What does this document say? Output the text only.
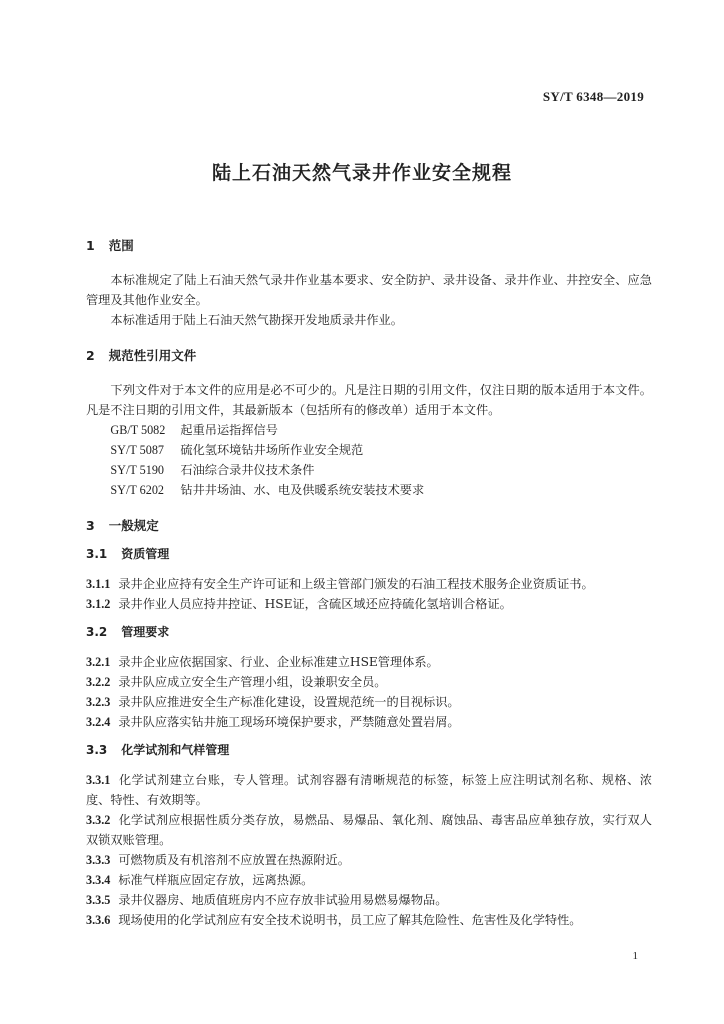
SY/T 6348—2019
陆上石油天然气录井作业安全规程
1 范围

本标准规定了陆上石油天然气录井作业基本要求、安全防护、录井设备、录井作业、井控安全、应急管理及其他作业安全。

本标准适用于陆上石油天然气勘探开发地质录井作业。

2 规范性引用文件

下列文件对于本文件的应用是必不可少的。凡是注日期的引用文件，仅注日期的版本适用于本文件。凡是不注日期的引用文件，其最新版本（包括所有的修改单）适用于本文件。

GB/T 5082 起重吊运指挥信号

SY/T 5087 硫化氢环境钻井场所作业安全规范

SY/T 5190 石油综合录井仪技术条件

SY/T 6202 钻井井场油、水、电及供暖系统安装技术要求

3 一般规定
3.1 资质管理

3.1.1 录井企业应持有安全生产许可证和上级主管部门颁发的石油工程技术服务企业资质证书。

3.1.2 录井作业人员应持井控证、HSE证，含硫区域还应持硫化氢培训合格证。

3.2 管理要求

3.2.1 录井企业应依据国家、行业、企业标准建立HSE管理体系。

3.2.2 录井队应成立安全生产管理小组，设兼职安全员。

3.2.3 录井队应推进安全生产标准化建设，设置规范统一的目视标识。

3.2.4 录井队应落实钻井施工现场环境保护要求，严禁随意处置岩屑。

3.3 化学试剂和气样管理

3.3.1 化学试剂建立台账，专人管理。试剂容器有清晰规范的标签，标签上应注明试剂名称、规格、浓度、特性、有效期等。

3.3.2 化学试剂应根据性质分类存放，易燃品、易爆品、氧化剂、腐蚀品、毒害品应单独存放，实行双人双锁双账管理。

3.3.3 可燃物质及有机溶剂不应放置在热源附近。

3.3.4 标准气样瓶应固定存放，远离热源。

3.3.5 录井仪器房、地质值班房内不应存放非试验用易燃易爆物品。

3.3.6 现场使用的化学试剂应有安全技术说明书，员工应了解其危险性、危害性及化学特性。

1
